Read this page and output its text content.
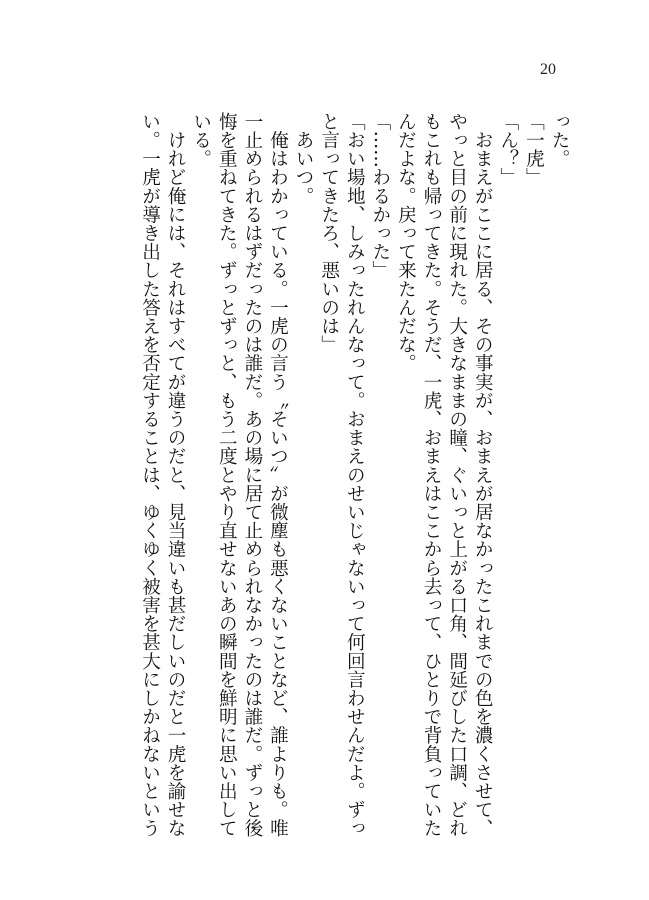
20

った。

「一虎」

「ん？」

　おまえがここに居る、その事実が、おまえが居なかったこれまでの色を濃くさせて、

やっと目の前に現れた。大きなままの瞳、ぐいっと上がる口角、間延びした口調、どれ

もこれも帰ってきた。そうだ、一虎、おまえはここから去って、ひとりで背負っていた

んだよな。戻って来たんだな。

「……わるかった」

「おい場地、しみったれんなって。おまえのせいじゃないって何回言わせんだよ。ずっ

と言ってきたろ、悪いのは」

　あいつ。

　俺はわかっている。一虎の言う〝そいつ〟が微塵も悪くないことなど、誰よりも。唯

一止められるはずだったのは誰だ。あの場に居て止められなかったのは誰だ。ずっと後

悔を重ねてきた。ずっとずっと、もう二度とやり直せないあの瞬間を鮮明に思い出して

いる。

　けれど俺には、それはすべてが違うのだと、見当違いも甚だしいのだと一虎を諭せな

い。一虎が導き出した答えを否定することは、ゆくゆく被害を甚大にしかねないという
